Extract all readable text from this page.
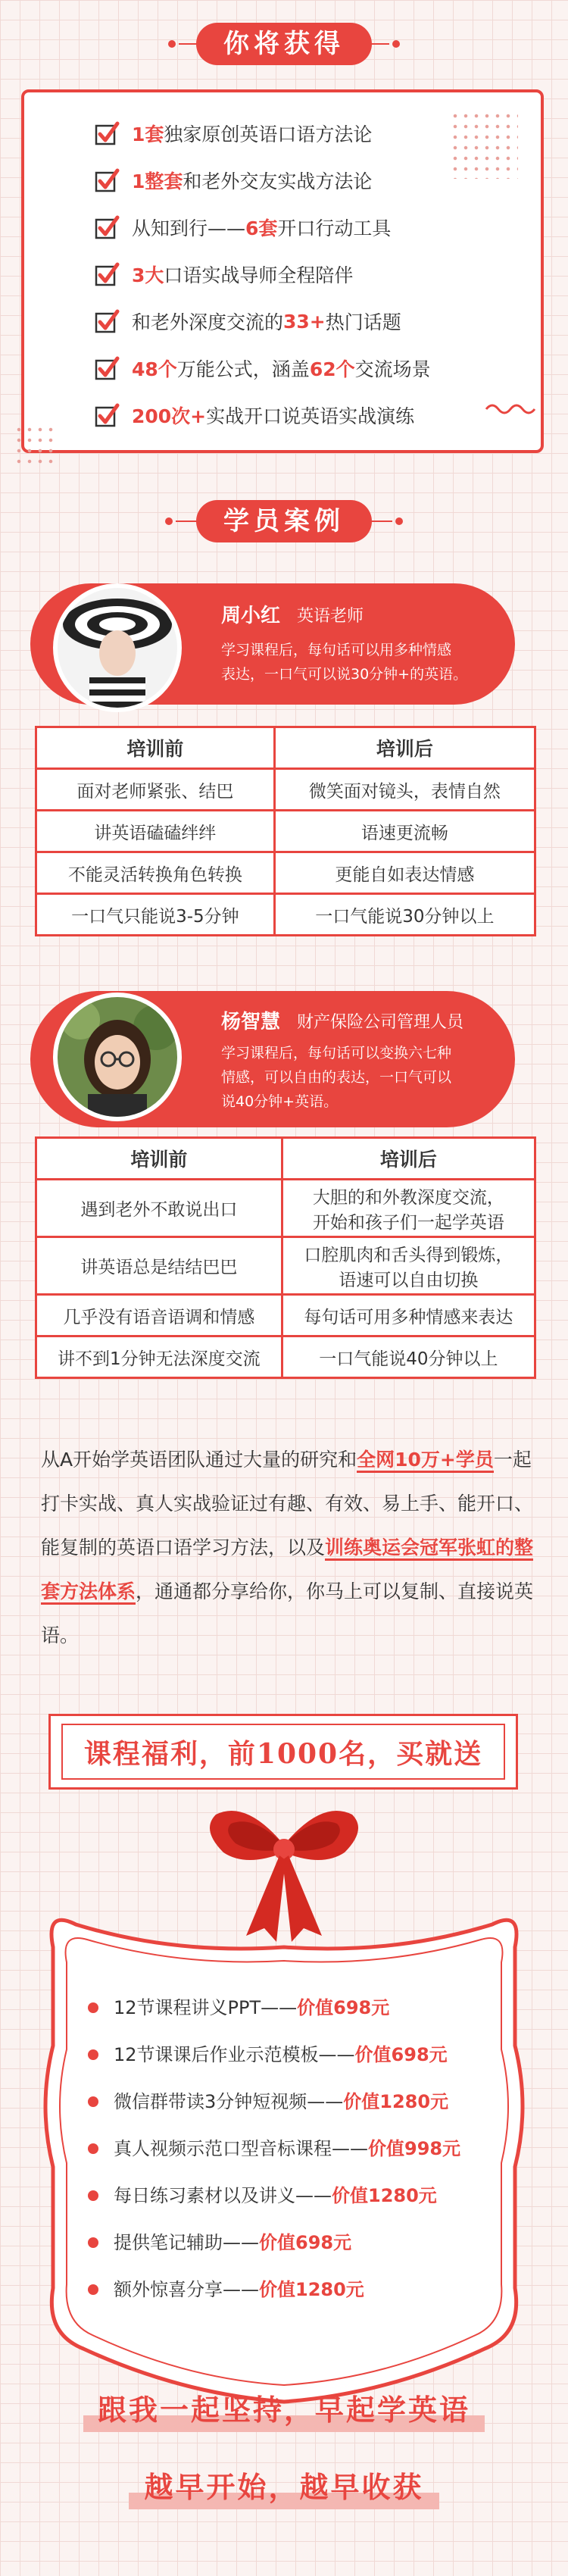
你将获得
1套 独家原创英语口语方法论
1整套 和老外交友实战方法论
从知到行—— 6套 开口行动工具
3大 口语实战导师全程陪伴
和老外深度交流的 33+ 热门话题
48个 万能公式，涵盖 62个 交流场景
200次+ 实战开口说英语实战演练
学员案例
周小红 英语老师
学习课程后，每句话可以用多种情感
表达，一口气可以说30分钟+的英语。
培训前	培训后
面对老师紧张、结巴	微笑面对镜头，表情自然
讲英语磕磕绊绊	语速更流畅
不能灵活转换角色转换	更能自如表达情感
一口气只能说3-5分钟	一口气能说30分钟以上
杨智慧 财产保险公司管理人员
学习课程后，每句话可以变换六七种
情感，可以自由的表达，一口气可以
说40分钟+英语。
培训前	培训后
遇到老外不敢说出口	大胆的和外教深度交流，
开始和孩子们一起学英语

讲英语总是结结巴巴	口腔肌肉和舌头得到锻炼，
语速可以自由切换

几乎没有语音语调和情感	每句话可用多种情感来表达

讲不到1分钟无法深度交流	一口气能说40分钟以上
从A开始学英语团队通过大量的研究和全网10万+学员一起打卡实战、真人实战验证过有趣、有效、易上手、能开口、能复制的英语口语学习方法，以及训练奥运会冠军张虹的整套方法体系，通通都分享给你，你马上可以复制、直接说英语。
课程福利，前1000名，买就送
12节课程讲义PPT——价值698元
12节课课后作业示范模板——价值698元
微信群带读3分钟短视频——价值1280元
真人视频示范口型音标课程——价值998元
每日练习素材以及讲义——价值1280元
提供笔记辅助——价值698元
额外惊喜分享——价值1280元
跟我一起坚持，早起学英语
越早开始，越早收获
